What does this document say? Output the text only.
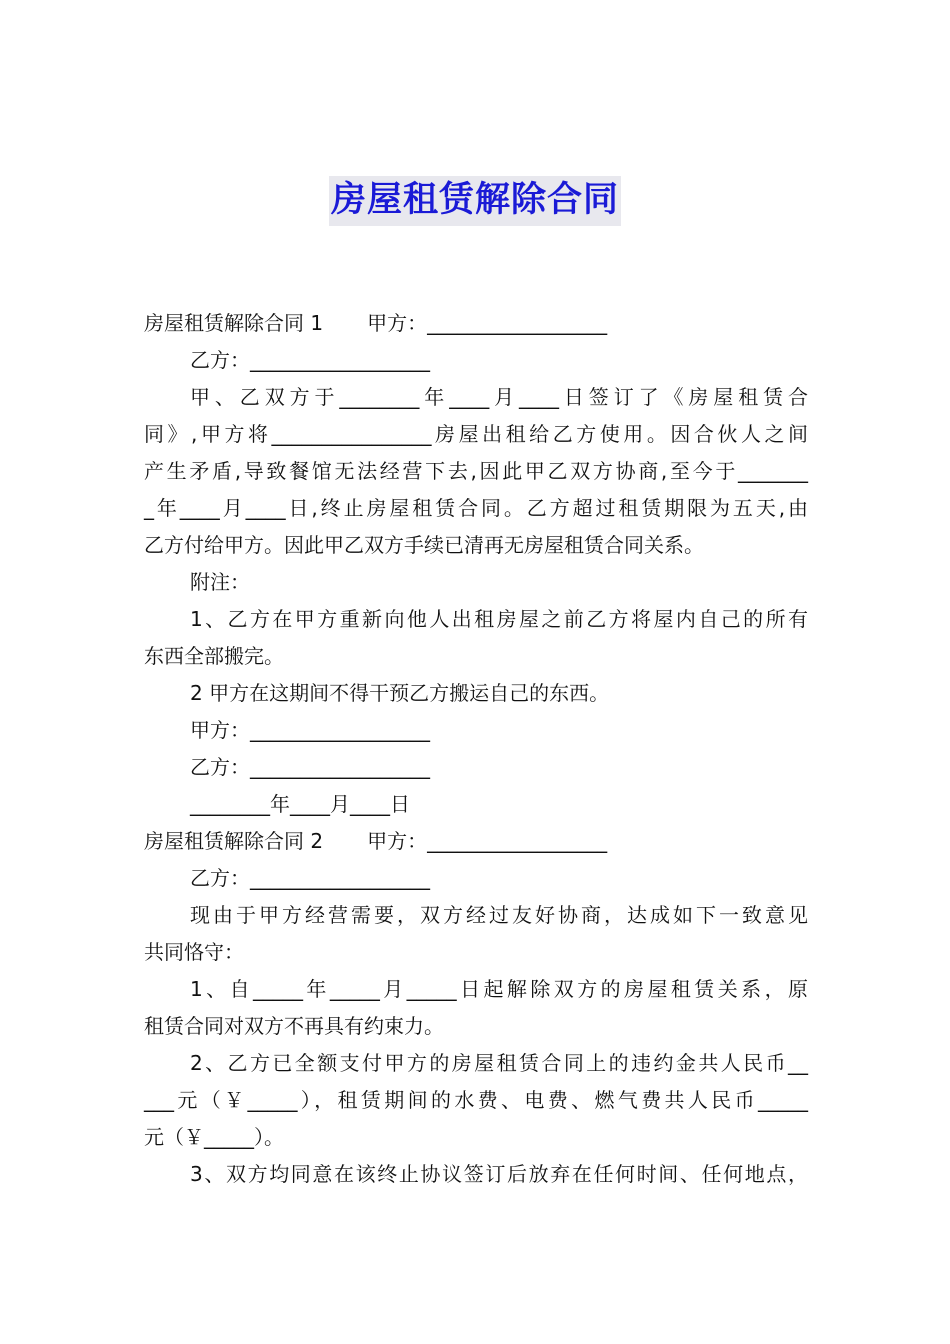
房屋租赁解除合同
房屋租赁解除合同 1 甲方：__________________
乙方：__________________
甲、乙双方于________年____月____日签订了《房屋租赁合
同》,甲方将________________房屋出租给乙方使用。因合伙人之间
产生矛盾,导致餐馆无法经营下去,因此甲乙双方协商,至今于_______
_年____月____日,终止房屋租赁合同。乙方超过租赁期限为五天,由
乙方付给甲方。因此甲乙双方手续已清再无房屋租赁合同关系。
附注：
1、乙方在甲方重新向他人出租房屋之前乙方将屋内自己的所有
东西全部搬完。
2 甲方在这期间不得干预乙方搬运自己的东西。
甲方：__________________
乙方：__________________
________年____月____日
房屋租赁解除合同 2 甲方：__________________
乙方：__________________
现由于甲方经营需要，双方经过友好协商，达成如下一致意见
共同恪守：
1、自_____年_____月_____日起解除双方的房屋租赁关系，原
租赁合同对双方不再具有约束力。
2、乙方已全额支付甲方的房屋租赁合同上的违约金共人民币__
___元（￥_____），租赁期间的水费、电费、燃气费共人民币_____
元（￥_____）。
3、双方均同意在该终止协议签订后放弃在任何时间、任何地点，
